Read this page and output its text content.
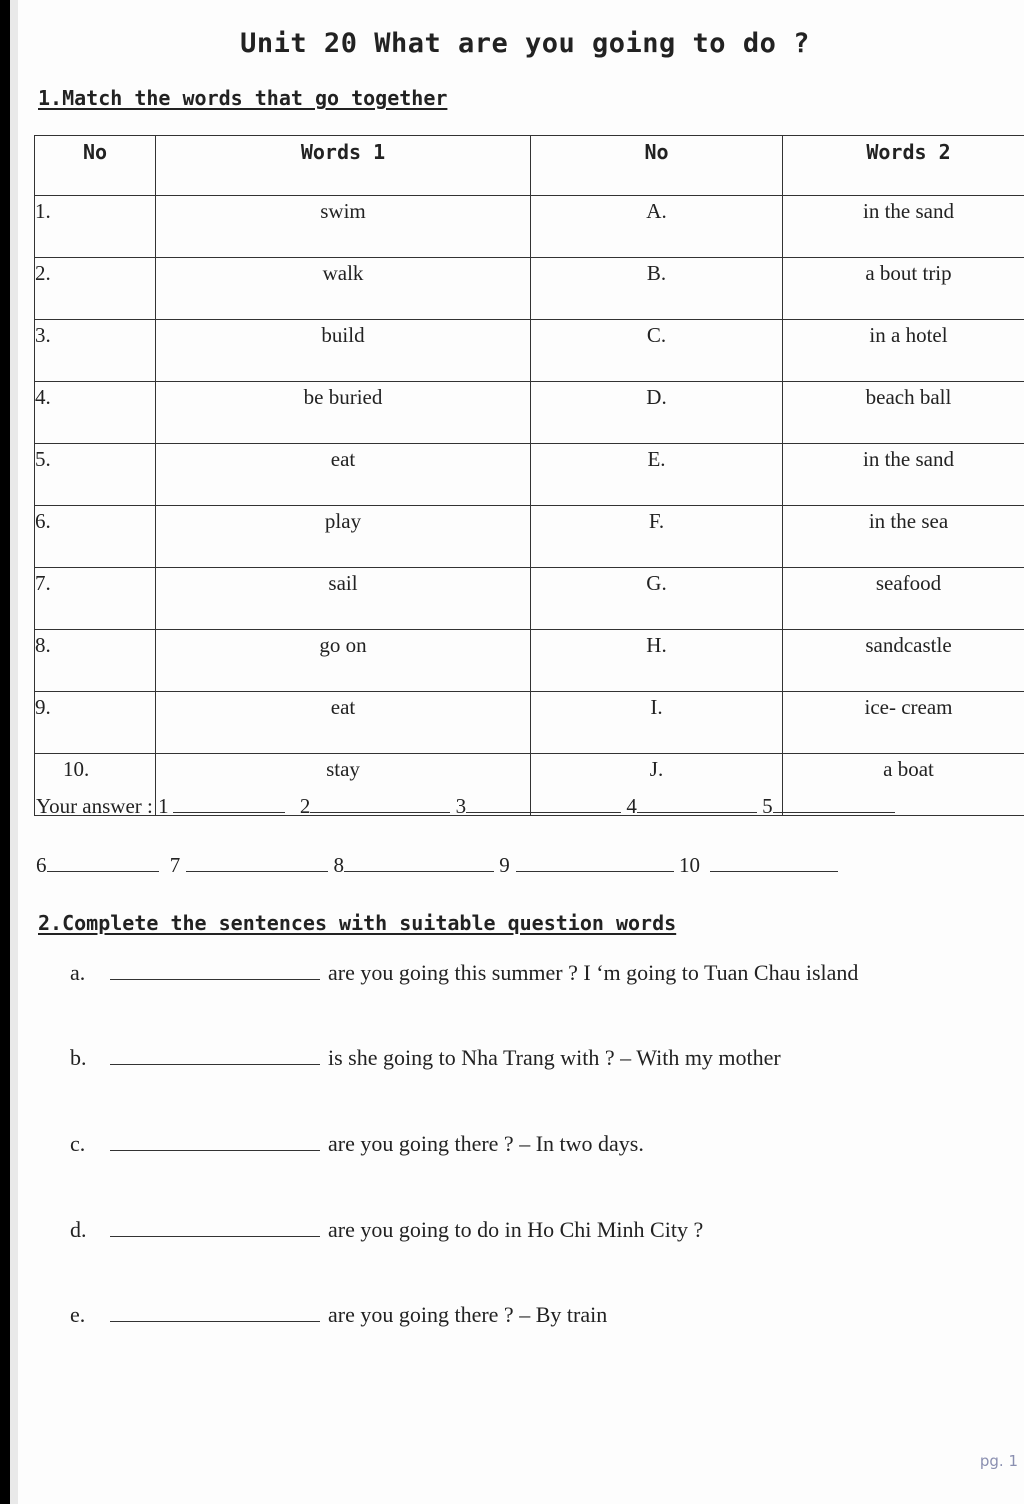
Unit 20 What are you going to do ?
1.Match the words that go together
No	Words 1	No	Words 2
1.	swim	A.	in the sand
2.	walk	B.	a bout trip
3.	build	C.	in a hotel
4.	be buried	D.	beach ball
5.	eat	E.	in the sand
6.	play	F.	in the sea
7.	sail	G.	seafood
8.	go on	H.	sandcastle
9.	eat	I.	ice- cream
10.	stay	J.	a boat
Your answer : 1	2	3	4	5
6	7	8	9	10
2.Complete the sentences with suitable question words
a.	are you going this summer ? I ‘m going to Tuan Chau island
b.	is she going to Nha Trang with ? – With my mother
c.	are you going there ? – In two days.
d.	are you going to do in Ho Chi Minh City ?
e.	are you going there ? – By train
pg. 1
